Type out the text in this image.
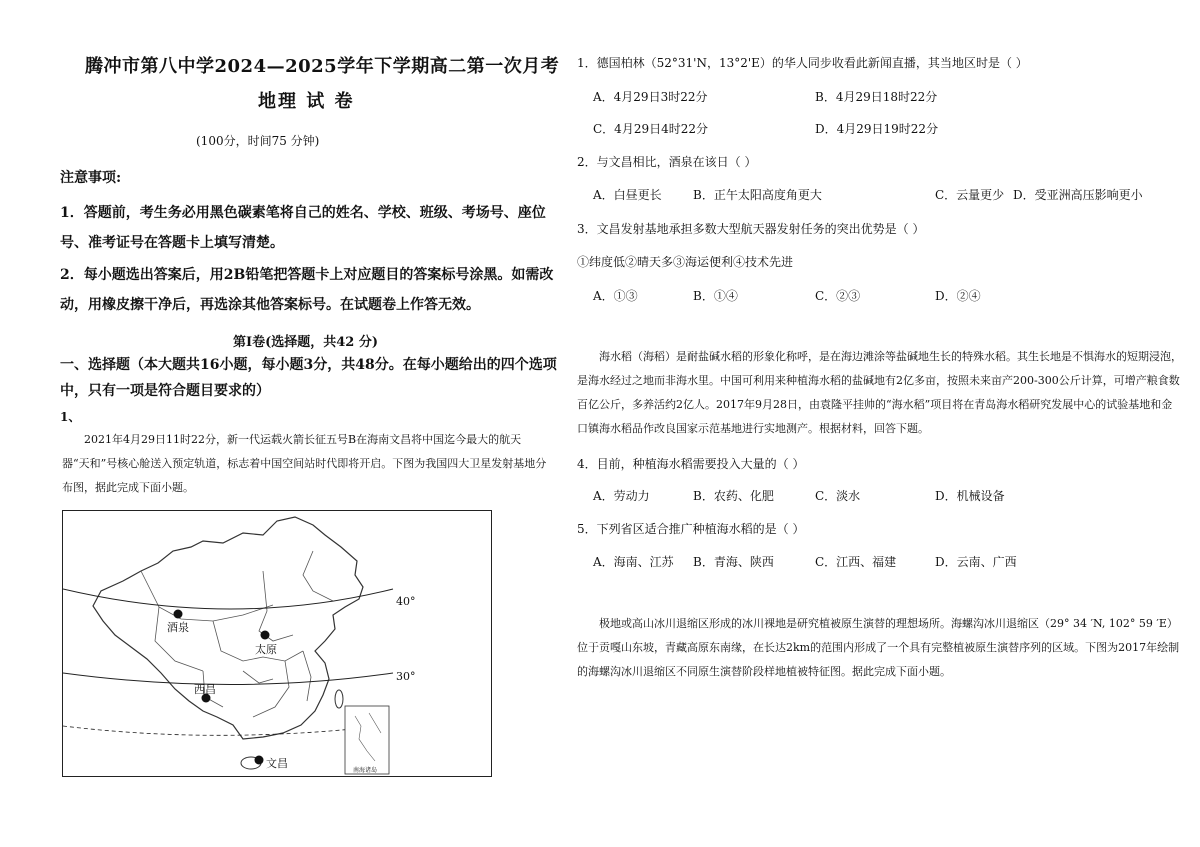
腾冲市第八中学2024—2025学年下学期高二第一次月考
地理 试 卷
(100分，时间75 分钟)
注意事项:
1．答题前，考生务必用黑色碳素笔将自己的姓名、学校、班级、考场号、座位号、准考证号在答题卡上填写清楚。
2．每小题选出答案后，用2B铅笔把答题卡上对应题目的答案标号涂黑。如需改动，用橡皮擦干净后，再选涂其他答案标号。在试题卷上作答无效。
第Ⅰ卷(选择题，共42 分)
一、选择题（本大题共16小题，每小题3分，共48分。在每小题给出的四个选项中，只有一项是符合题目要求的）
1、
2021年4月29日11时22分，新一代运载火箭长征五号B在海南文昌将中国迄今最大的航天器“天和”号核心舱送入预定轨道，标志着中国空间站时代即将开启。下图为我国四大卫星发射基地分布图，据此完成下面小题。
酒泉
太原
西昌
文昌
南海诸岛
40°
30°
1．德国柏林（52°31'N，13°2'E）的华人同步收看此新闻直播，其当地区时是（ ）
A．4月29日3时22分	B．4月29日18时22分
C．4月29日4时22分	D．4月29日19时22分
2．与文昌相比，酒泉在该日（ ）
A．白昼更长	B．正午太阳高度角更大	C．云量更少 D．受亚洲高压影响更小
3．文昌发射基地承担多数大型航天器发射任务的突出优势是（ ）
①纬度低②晴天多③海运便利④技术先进
A．①③	B．①④	C．②③	D．②④
海水稻（海稻）是耐盐碱水稻的形象化称呼，是在海边滩涂等盐碱地生长的特殊水稻。其生长地是不惧海水的短期浸泡，是海水经过之地而非海水里。中国可利用来种植海水稻的盐碱地有2亿多亩，按照未来亩产200-300公斤计算，可增产粮食数百亿公斤，多养活约2亿人。2017年9月28日，由袁隆平挂帅的“海水稻”项目将在青岛海水稻研究发展中心的试验基地和金口镇海水稻品作改良国家示范基地进行实地测产。根据材料，回答下题。
4．目前，种植海水稻需要投入大量的（ ）
A．劳动力	B．农药、化肥	C．淡水	D．机械设备
5．下列省区适合推广种植海水稻的是（ ）
A．海南、江苏 B．青海、陕西	C．江西、福建	D．云南、广西
极地或高山冰川退缩区形成的冰川裸地是研究植被原生演替的理想场所。海螺沟冰川退缩区（29° 34 ′N, 102° 59 ′E）位于贡嘎山东坡，青藏高原东南缘，在长达2km的范围内形成了一个具有完整植被原生演替序列的区域。下图为2017年绘制的海螺沟冰川退缩区不同原生演替阶段样地植被特征图。据此完成下面小题。
